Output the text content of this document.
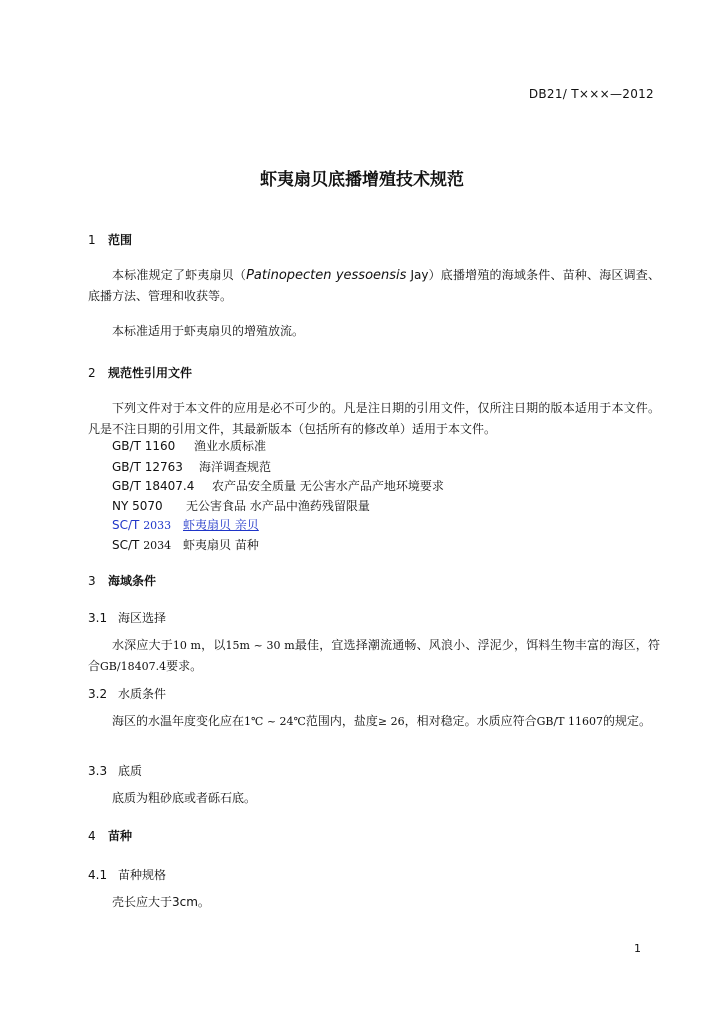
DB21/ T×××—2012
虾夷扇贝底播增殖技术规范
1 范围
本标准规定了虾夷扇贝（Patinopecten yessoensis Jay）底播增殖的海域条件、苗种、海区调查、底播方法、管理和收获等。
本标准适用于虾夷扇贝的增殖放流。
2 规范性引用文件
下列文件对于本文件的应用是必不可少的。凡是注日期的引用文件，仅所注日期的版本适用于本文件。凡是不注日期的引用文件，其最新版本（包括所有的修改单）适用于本文件。
GB/T 1160 渔业水质标准
GB/T 12763 海洋调查规范
GB/T 18407.4 农产品安全质量 无公害水产品产地环境要求
NY 5070 无公害食品 水产品中渔药残留限量
SC/T 2033 虾夷扇贝 亲贝
SC/T 2034 虾夷扇贝 苗种
3 海域条件
3.1 海区选择
水深应大于10 m，以15m ~ 30 m最佳，宜选择潮流通畅、风浪小、浮泥少，饵料生物丰富的海区，符合GB/18407.4要求。
3.2 水质条件
海区的水温年度变化应在1℃ ~ 24℃范围内，盐度≥ 26，相对稳定。水质应符合GB/T 11607的规定。
3.3 底质
底质为粗砂底或者砾石底。
4 苗种
4.1 苗种规格
壳长应大于3cm。
1
